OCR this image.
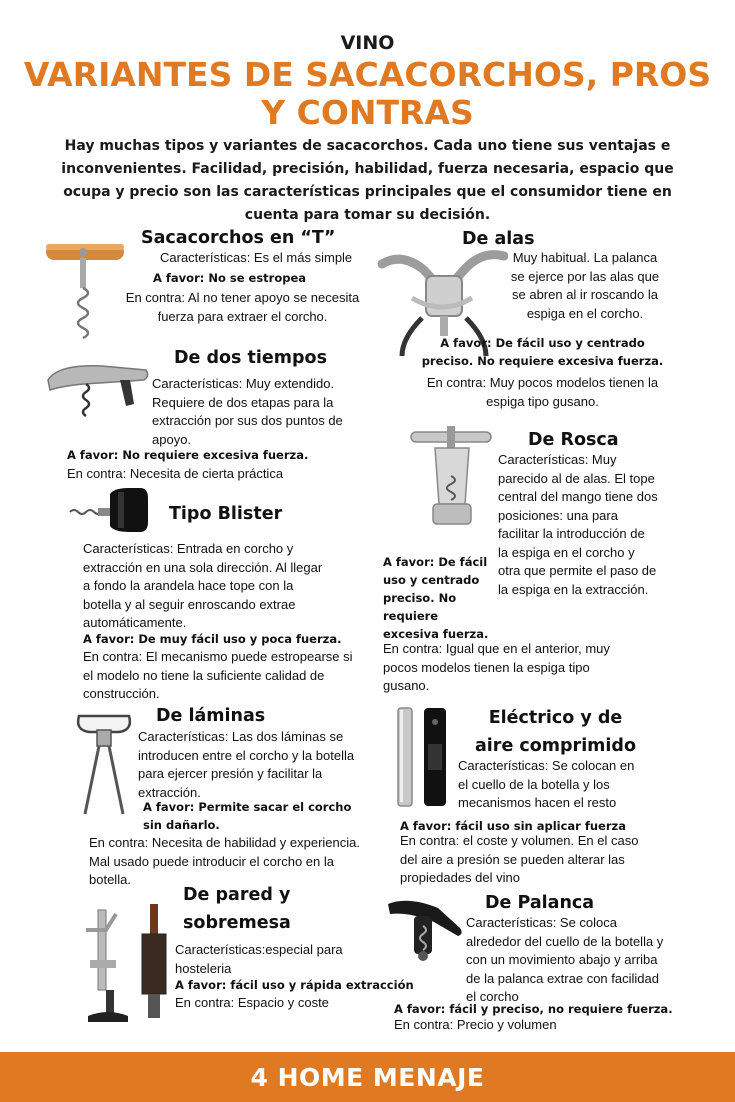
VINO
VARIANTES DE SACACORCHOS, PROS Y CONTRAS
Hay muchas tipos y variantes de sacacorchos. Cada uno tiene sus ventajas e inconvenientes. Facilidad, precisión, habilidad, fuerza necesaria, espacio que ocupa y precio son las características principales que el consumidor tiene en cuenta para tomar su decisión.
Sacacorchos en “T”
Características: Es el más simple
A favor: No se estropea
En contra: Al no tener apoyo se necesita fuerza para extraer el corcho.
De alas
Muy habitual. La palanca se ejerce por las alas que se abren al ir roscando la espiga en el corcho.
A favor: De fácil uso y centrado preciso. No requiere excesiva fuerza.
En contra: Muy pocos modelos tienen la espiga tipo gusano.
De dos tiempos
Características: Muy extendido. Requiere de dos etapas para la extracción por sus dos puntos de apoyo.
A favor: No requiere excesiva fuerza.
En contra: Necesita de cierta práctica
De Rosca
Características: Muy parecido al de alas. El tope central del mango tiene dos posiciones: una para facilitar la introducción de la espiga en el corcho y otra que permite el paso de la espiga en la extracción.
A favor: De fácil uso y centrado preciso. No requiere excesiva fuerza.
En contra: Igual que en el anterior, muy pocos modelos tienen la espiga tipo gusano.
Tipo Blister
Características: Entrada en corcho y extracción en una sola dirección. Al llegar a fondo la arandela hace tope con la botella y al seguir enroscando extrae automáticamente.
A favor: De muy fácil uso y poca fuerza.
En contra: El mecanismo puede estropearse si el modelo no tiene la suficiente calidad de construcción.
De láminas
Características: Las dos láminas se introducen entre el corcho y la botella para ejercer presión y facilitar la extracción.
A favor: Permite sacar el corcho sin dañarlo.
En contra: Necesita de habilidad y experiencia. Mal usado puede introducir el corcho en la botella.
Eléctrico y de aire comprimido
Características: Se colocan en el cuello de la botella y los mecanismos hacen el resto
A favor: fácil uso sin aplicar fuerza
En contra: el coste y volumen. En el caso del aire a presión se pueden alterar las propiedades del vino
De pared y sobremesa
Características:especial para hosteleria
A favor: fácil uso y rápida extracción
En contra: Espacio y coste
De Palanca
Características: Se coloca alrededor del cuello de la botella y con un movimiento abajo y arriba de la palanca extrae con facilidad el corcho
A favor: fácil y preciso, no requiere fuerza.
En contra: Precio y volumen
4 HOME MENAJE
